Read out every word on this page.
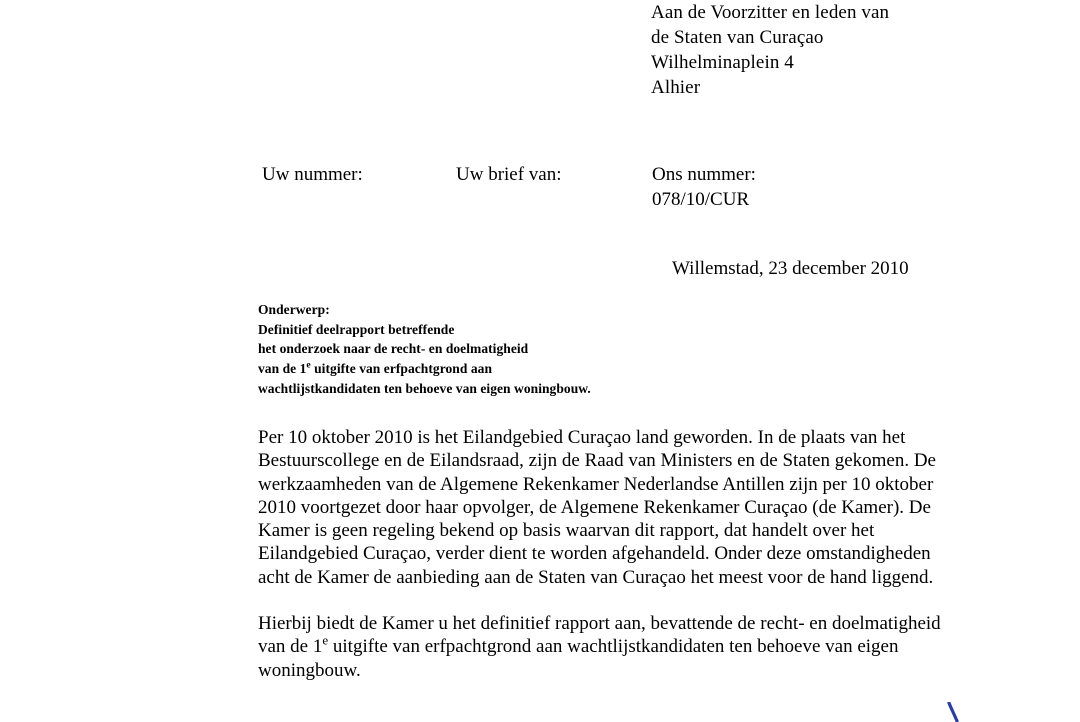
Aan de Voorzitter en leden van
de Staten van Curaçao
Wilhelminaplein 4
Alhier
Uw nummer:	Uw brief van:	Ons nummer:
078/10/CUR
Willemstad, 23 december 2010
Onderwerp:
Definitief deelrapport betreffende
het onderzoek naar de recht- en doelmatigheid
van de 1e uitgifte van erfpachtgrond aan
wachtlijstkandidaten ten behoeve van eigen woningbouw.

Per 10 oktober 2010 is het Eilandgebied Curaçao land geworden. In de plaats van het Bestuurscollege en de Eilandsraad, zijn de Raad van Ministers en de Staten gekomen. De werkzaamheden van de Algemene Rekenkamer Nederlandse Antillen zijn per 10 oktober 2010 voortgezet door haar opvolger, de Algemene Rekenkamer Curaçao (de Kamer). De Kamer is geen regeling bekend op basis waarvan dit rapport, dat handelt over het Eilandgebied Curaçao, verder dient te worden afgehandeld. Onder deze omstandigheden acht de Kamer de aanbieding aan de Staten van Curaçao het meest voor de hand liggend.

Hierbij biedt de Kamer u het definitief rapport aan, bevattende de recht- en doelmatigheid van de 1e uitgifte van erfpachtgrond aan wachtlijstkandidaten ten behoeve van eigen woningbouw.
